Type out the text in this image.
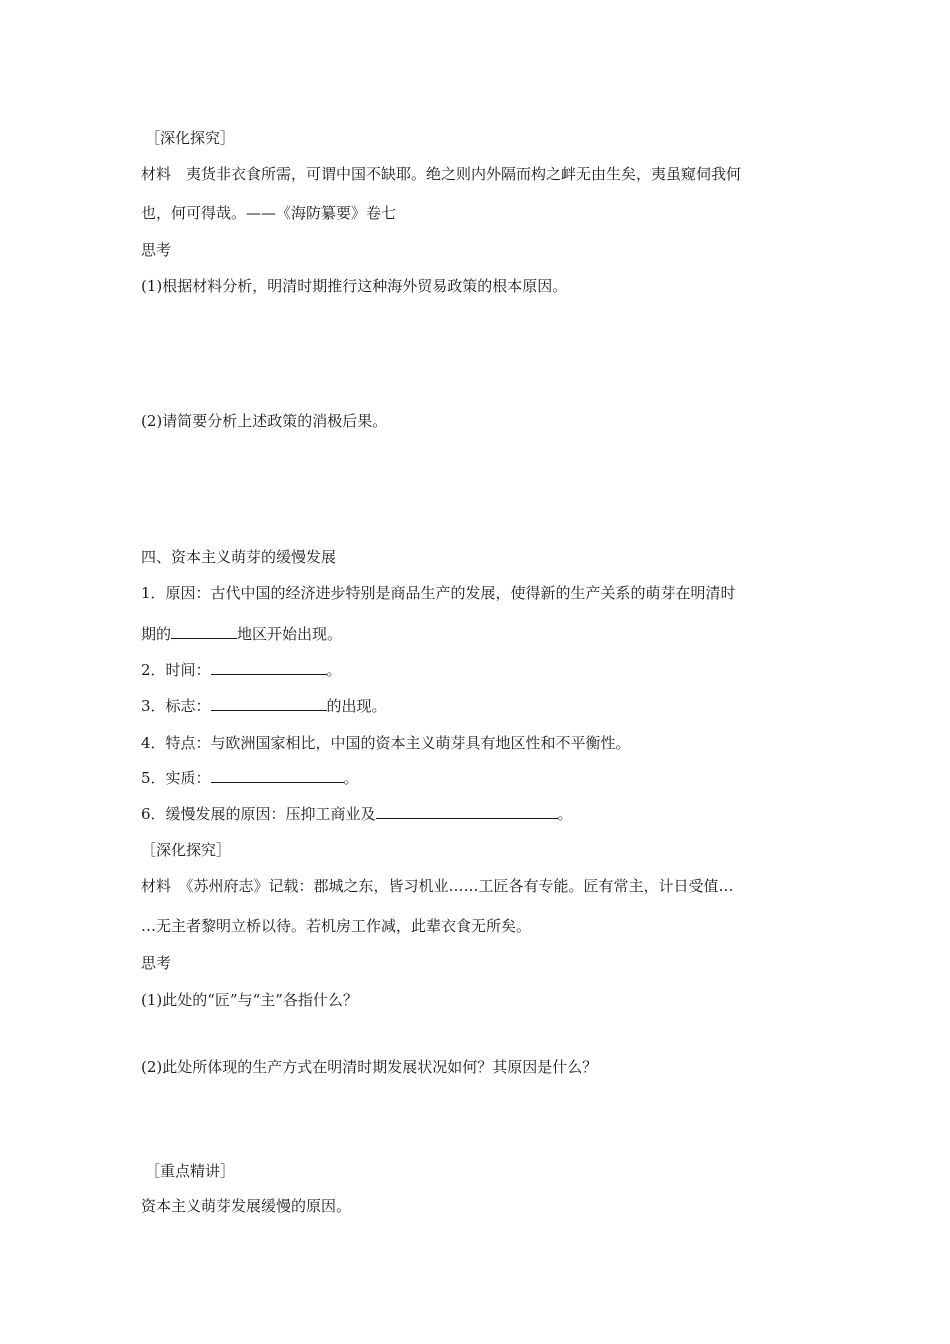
［深化探究］
材料　夷货非衣食所需，可谓中国不缺耶。绝之则内外隔而构之衅无由生矣，夷虽窥伺我何
也，何可得哉。——《海防纂要》卷七
思考
(1)根据材料分析，明清时期推行这种海外贸易政策的根本原因。
(2)请简要分析上述政策的消极后果。
四、资本主义萌芽的缓慢发展
1．原因：古代中国的经济进步特别是商品生产的发展，使得新的生产关系的萌芽在明清时
期的	地区开始出现。
2．时间：	。
3．标志：	的出现。
4．特点：与欧洲国家相比，中国的资本主义萌芽具有地区性和不平衡性。
5．实质：	。
6．缓慢发展的原因：压抑工商业及	。
［深化探究］
材料　《苏州府志》记载：郡城之东，皆习机业……工匠各有专能。匠有常主，计日受值…
…无主者黎明立桥以待。若机房工作减，此辈衣食无所矣。
思考
(1)此处的“匠”与“主”各指什么？
(2)此处所体现的生产方式在明清时期发展状况如何？其原因是什么？
［重点精讲］
资本主义萌芽发展缓慢的原因。
